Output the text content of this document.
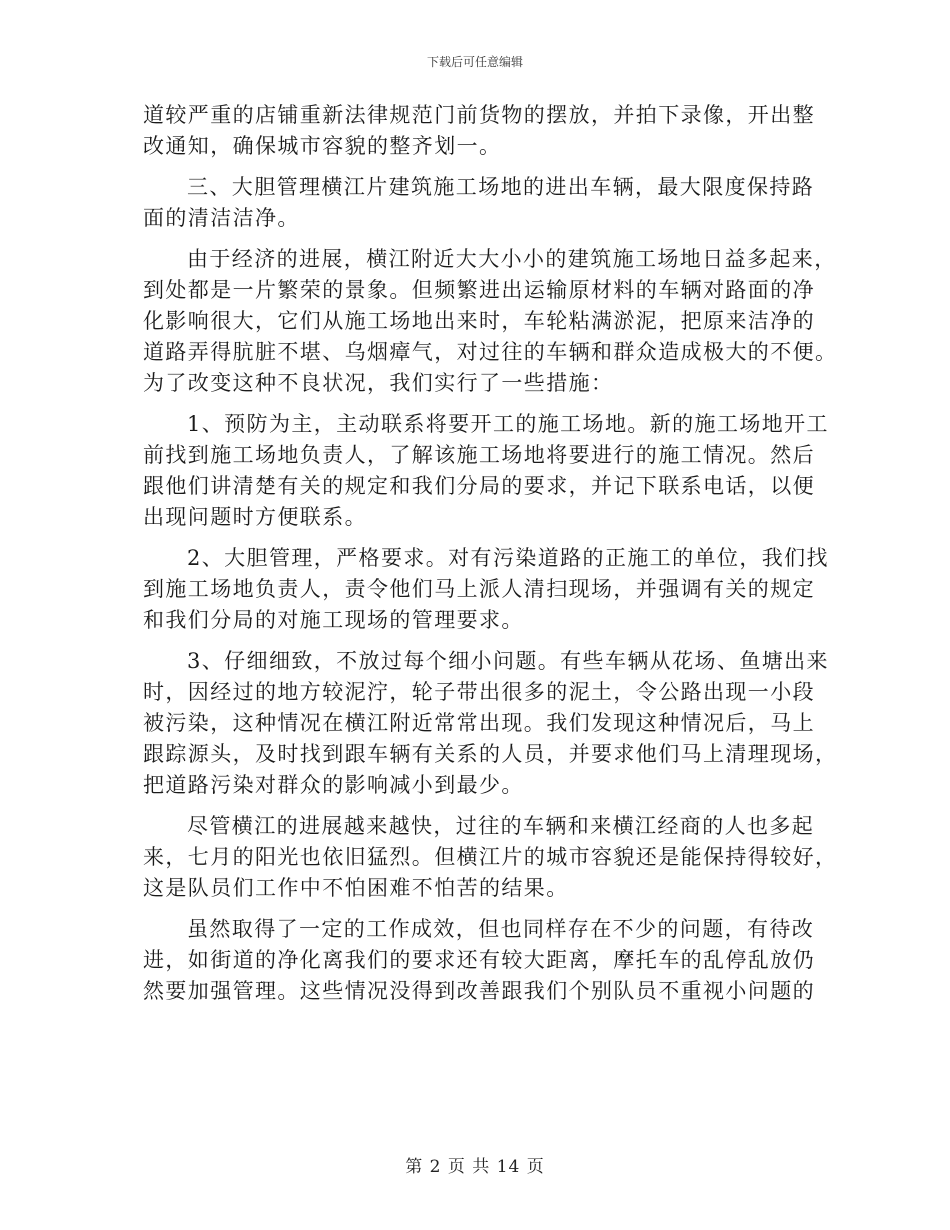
下载后可任意编辑
道较严重的店铺重新法律规范门前货物的摆放，并拍下录像，开出整
改通知，确保城市容貌的整齐划一。
三、大胆管理横江片建筑施工场地的进出车辆，最大限度保持路
面的清洁洁净。
由于经济的进展，横江附近大大小小的建筑施工场地日益多起来，
到处都是一片繁荣的景象。但频繁进出运输原材料的车辆对路面的净
化影响很大，它们从施工场地出来时，车轮粘满淤泥，把原来洁净的
道路弄得肮脏不堪、乌烟瘴气，对过往的车辆和群众造成极大的不便。
为了改变这种不良状况，我们实行了一些措施：
1、预防为主，主动联系将要开工的施工场地。新的施工场地开工
前找到施工场地负责人，了解该施工场地将要进行的施工情况。然后
跟他们讲清楚有关的规定和我们分局的要求，并记下联系电话，以便
出现问题时方便联系。
2、大胆管理，严格要求。对有污染道路的正施工的单位，我们找
到施工场地负责人，责令他们马上派人清扫现场，并强调有关的规定
和我们分局的对施工现场的管理要求。
3、仔细细致，不放过每个细小问题。有些车辆从花场、鱼塘出来
时，因经过的地方较泥泞，轮子带出很多的泥土，令公路出现一小段
被污染，这种情况在横江附近常常出现。我们发现这种情况后，马上
跟踪源头，及时找到跟车辆有关系的人员，并要求他们马上清理现场，
把道路污染对群众的影响减小到最少。
尽管横江的进展越来越快，过往的车辆和来横江经商的人也多起
来，七月的阳光也依旧猛烈。但横江片的城市容貌还是能保持得较好，
这是队员们工作中不怕困难不怕苦的结果。
虽然取得了一定的工作成效，但也同样存在不少的问题，有待改
进，如街道的净化离我们的要求还有较大距离，摩托车的乱停乱放仍
然要加强管理。这些情况没得到改善跟我们个别队员不重视小问题的
第 2 页 共 14 页
